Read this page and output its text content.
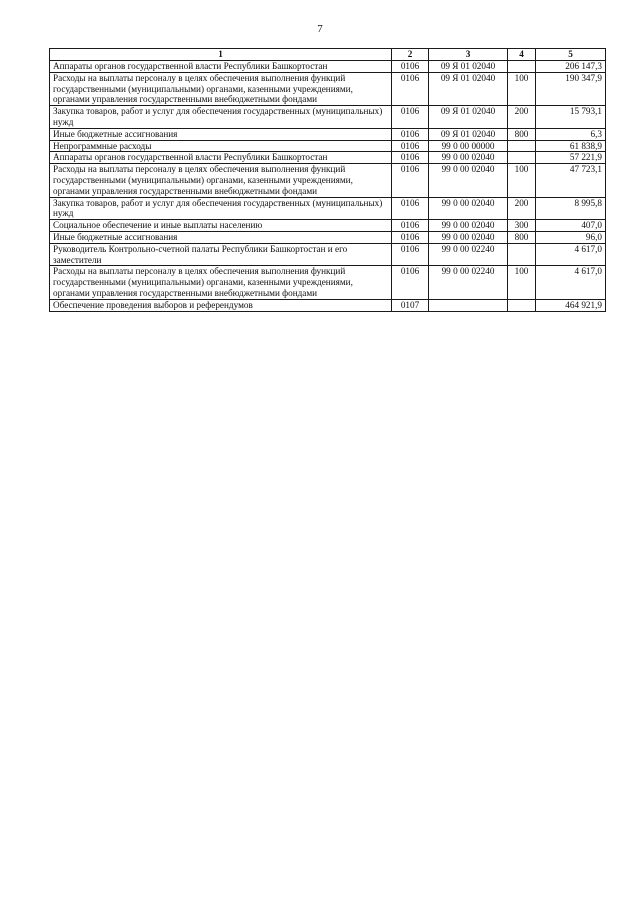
7
1	2	3	4	5
Аппараты органов государственной власти Республики Башкортостан	0106	09 Я 01 02040		206 147,3
Расходы на выплаты персоналу в целях обеспечения выполнения функций государственными (муниципальными) органами, казенными учреждениями, органами управления государственными внебюджетными фондами	0106	09 Я 01 02040	100	190 347,9
Закупка товаров, работ и услуг для обеспечения государственных (муниципальных) нужд	0106	09 Я 01 02040	200	15 793,1
Иные бюджетные ассигнования	0106	09 Я 01 02040	800	6,3
Непрограммные расходы	0106	99 0 00 00000		61 838,9
Аппараты органов государственной власти Республики Башкортостан	0106	99 0 00 02040		57 221,9
Расходы на выплаты персоналу в целях обеспечения выполнения функций государственными (муниципальными) органами, казенными учреждениями, органами управления государственными внебюджетными фондами	0106	99 0 00 02040	100	47 723,1
Закупка товаров, работ и услуг для обеспечения государственных (муниципальных) нужд	0106	99 0 00 02040	200	8 995,8
Социальное обеспечение и иные выплаты населению	0106	99 0 00 02040	300	407,0
Иные бюджетные ассигнования	0106	99 0 00 02040	800	96,0
Руководитель Контрольно-счетной палаты Республики Башкортостан и его заместители	0106	99 0 00 02240		4 617,0
Расходы на выплаты персоналу в целях обеспечения выполнения функций государственными (муниципальными) органами, казенными учреждениями, органами управления государственными внебюджетными фондами	0106	99 0 00 02240	100	4 617,0
Обеспечение проведения выборов и референдумов	0107			464 921,9
